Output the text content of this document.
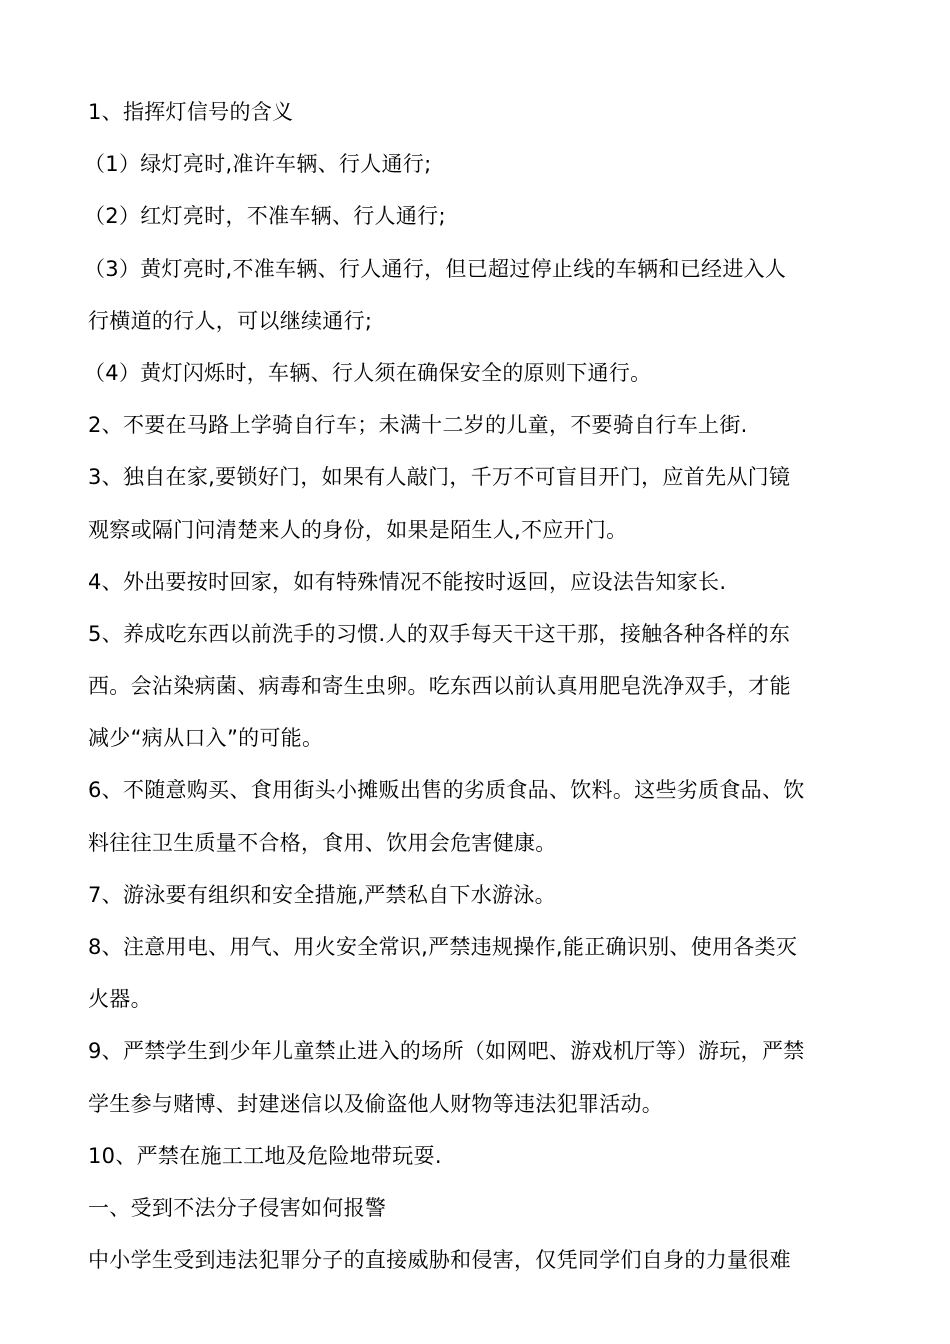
1、指挥灯信号的含义
（1）绿灯亮时,准许车辆、行人通行;
（2）红灯亮时，不准车辆、行人通行;
（3）黄灯亮时,不准车辆、行人通行，但已超过停止线的车辆和已经进入人
行横道的行人，可以继续通行;
（4）黄灯闪烁时，车辆、行人须在确保安全的原则下通行。
2、不要在马路上学骑自行车；未满十二岁的儿童，不要骑自行车上街.
3、独自在家,要锁好门，如果有人敲门，千万不可盲目开门，应首先从门镜
观察或隔门问清楚来人的身份，如果是陌生人,不应开门。
4、外出要按时回家，如有特殊情况不能按时返回，应设法告知家长.
5、养成吃东西以前洗手的习惯.人的双手每天干这干那，接触各种各样的东
西。会沾染病菌、病毒和寄生虫卵。吃东西以前认真用肥皂洗净双手，才能
减少“病从口入”的可能。
6、不随意购买、食用街头小摊贩出售的劣质食品、饮料。这些劣质食品、饮
料往往卫生质量不合格，食用、饮用会危害健康。
7、游泳要有组织和安全措施,严禁私自下水游泳。
8、注意用电、用气、用火安全常识,严禁违规操作,能正确识别、使用各类灭
火器。
9、严禁学生到少年儿童禁止进入的场所（如网吧、游戏机厅等）游玩，严禁
学生参与赌博、封建迷信以及偷盗他人财物等违法犯罪活动。
10、严禁在施工工地及危险地带玩耍.
一、受到不法分子侵害如何报警
中小学生受到违法犯罪分子的直接威胁和侵害，仅凭同学们自身的力量很难
